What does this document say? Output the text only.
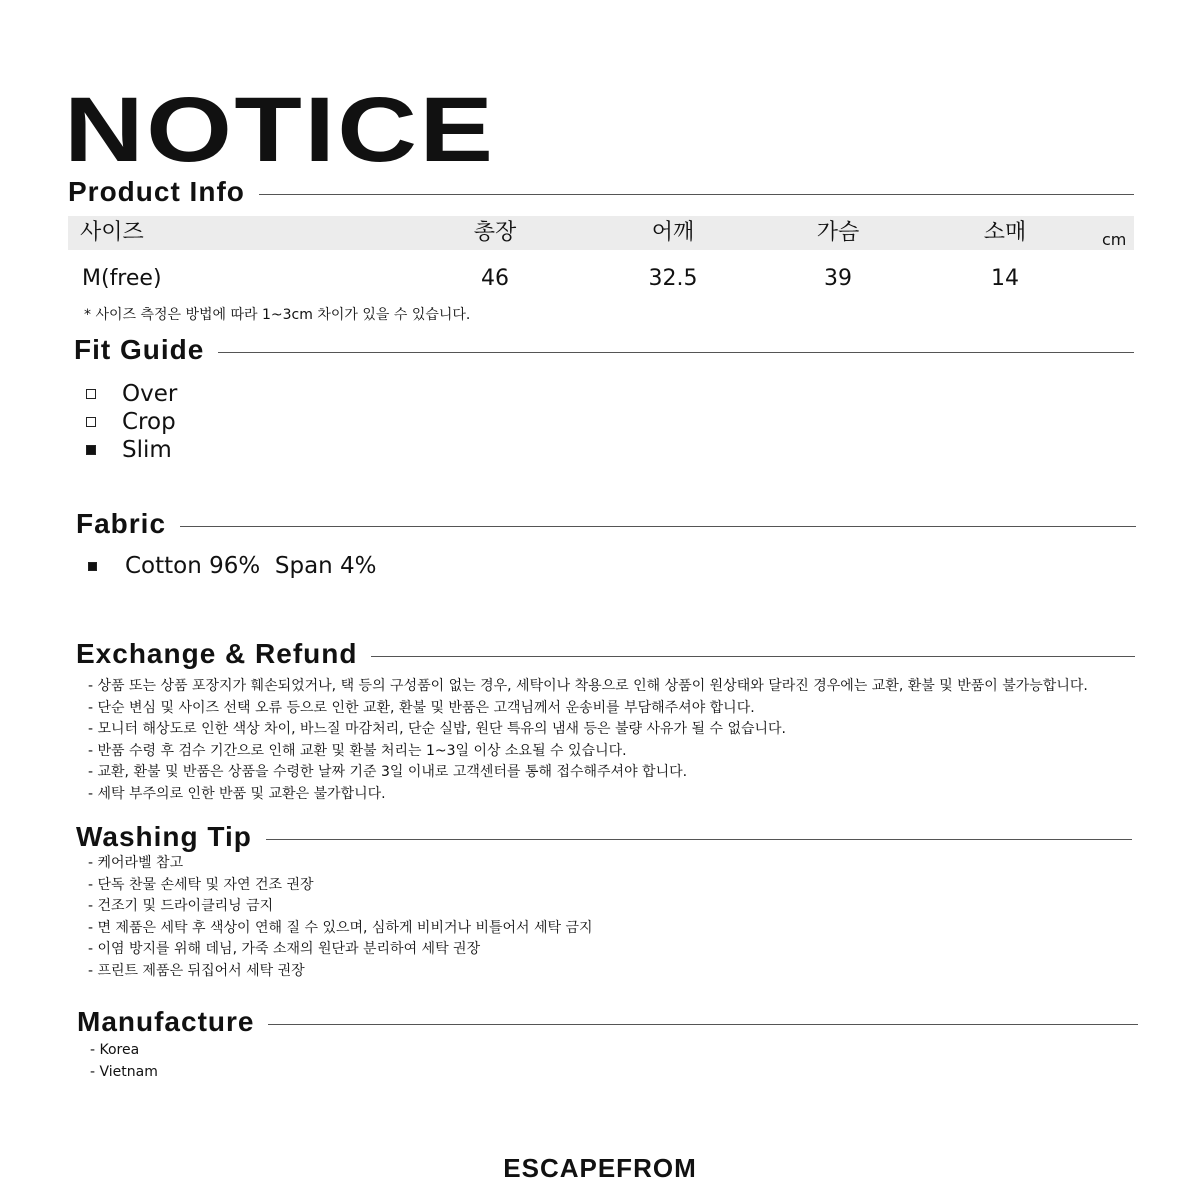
NOTICE
Product Info
사이즈	총장	어깨	가슴	소매	cm
M(free)	46	32.5	39	14
* 사이즈 측정은 방법에 따라 1~3cm 차이가 있을 수 있습니다.
Fit Guide
Over
Crop
Slim
Fabric
Cotton 96%  Span 4%
Exchange & Refund
- 상품 또는 상품 포장지가 훼손되었거나, 택 등의 구성품이 없는 경우, 세탁이나 착용으로 인해 상품이 원상태와 달라진 경우에는 교환, 환불 및 반품이 불가능합니다.
- 단순 변심 및 사이즈 선택 오류 등으로 인한 교환, 환불 및 반품은 고객님께서 운송비를 부담해주셔야 합니다.
- 모니터 해상도로 인한 색상 차이, 바느질 마감처리, 단순 실밥, 원단 특유의 냄새 등은 불량 사유가 될 수 없습니다.
- 반품 수령 후 검수 기간으로 인해 교환 및 환불 처리는 1~3일 이상 소요될 수 있습니다.
- 교환, 환불 및 반품은 상품을 수령한 날짜 기준 3일 이내로 고객센터를 통해 접수해주셔야 합니다.
- 세탁 부주의로 인한 반품 및 교환은 불가합니다.
Washing Tip
- 케어라벨 참고
- 단독 찬물 손세탁 및 자연 건조 권장
- 건조기 및 드라이클리닝 금지
- 면 제품은 세탁 후 색상이 연해 질 수 있으며, 심하게 비비거나 비틀어서 세탁 금지
- 이염 방지를 위해 데님, 가죽 소재의 원단과 분리하여 세탁 권장
- 프린트 제품은 뒤집어서 세탁 권장
Manufacture
- Korea
- Vietnam
ESCAPEFROM
